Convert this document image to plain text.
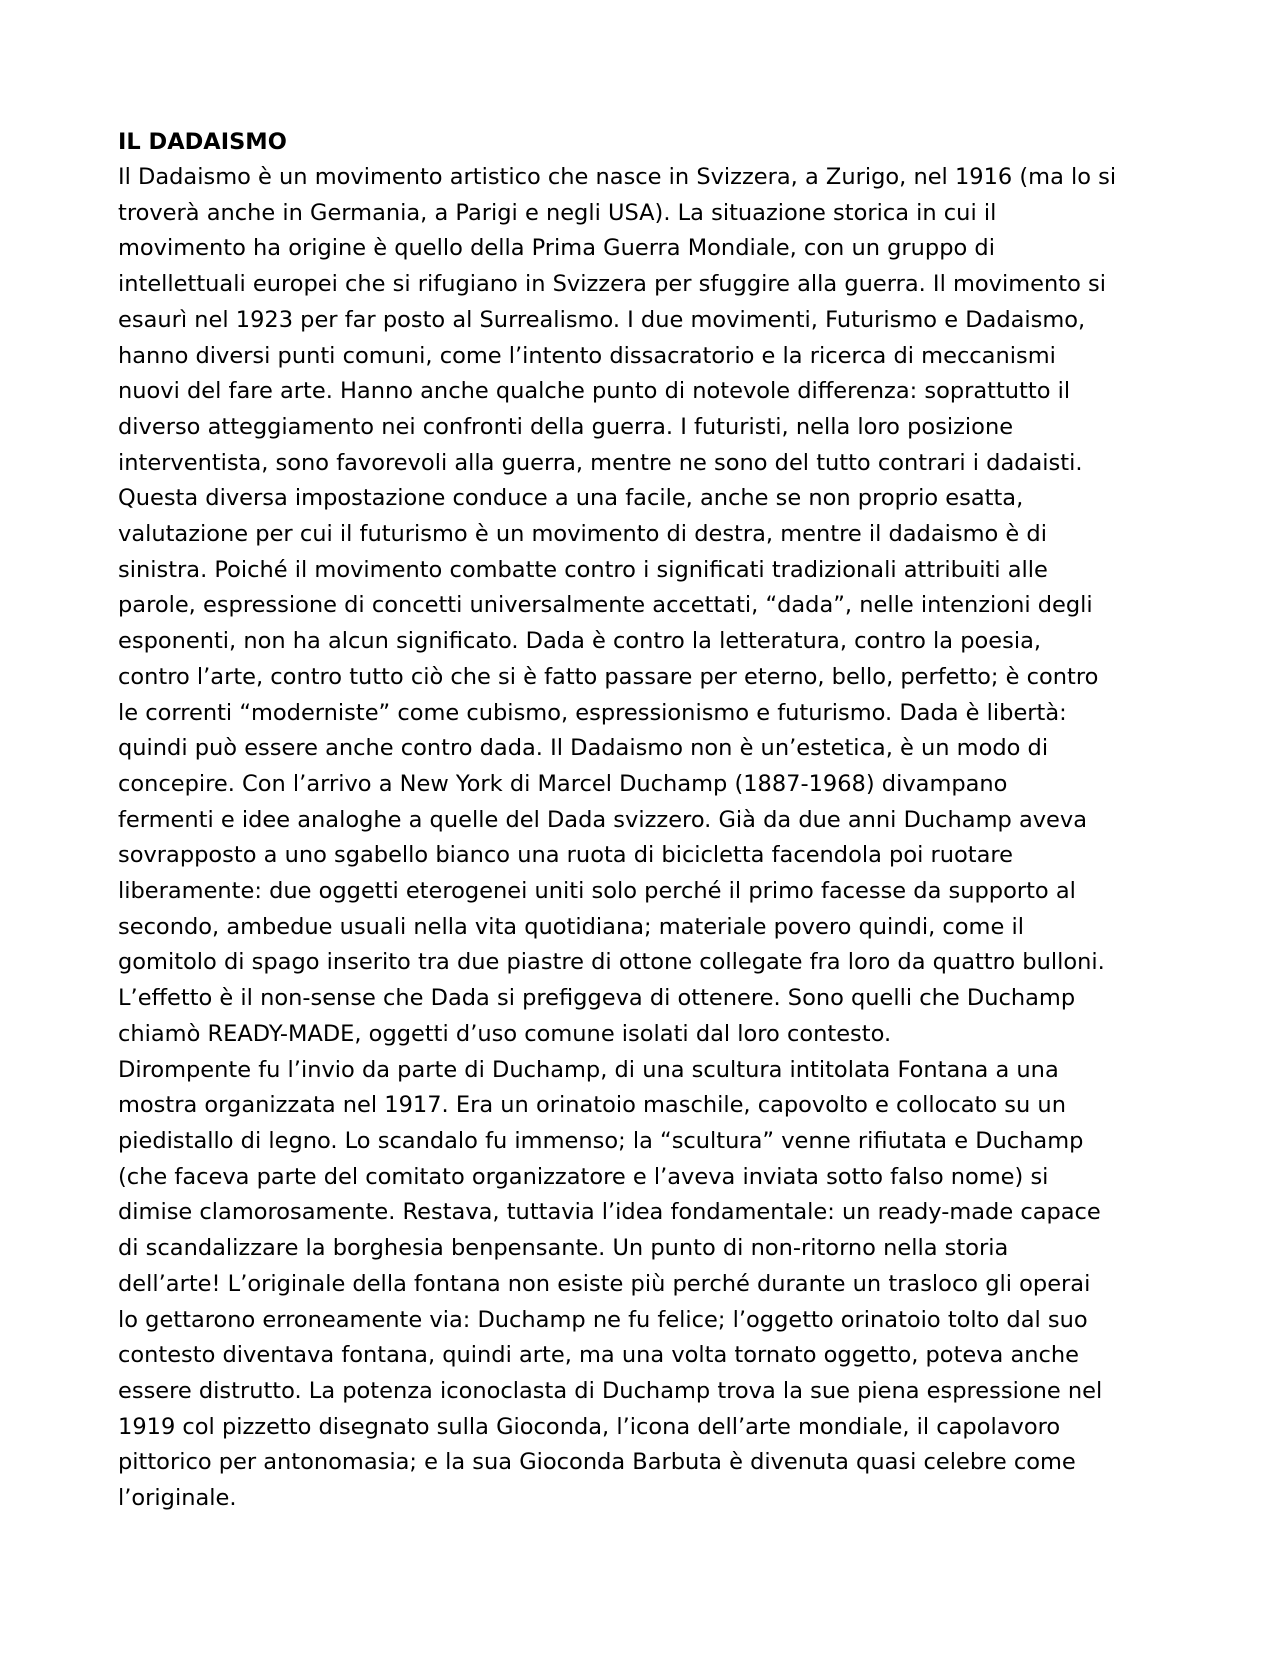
IL DADAISMO

Il Dadaismo è un movimento artistico che nasce in Svizzera, a Zurigo, nel 1916 (ma lo si

troverà anche in Germania, a Parigi e negli USA). La situazione storica in cui il

movimento ha origine è quello della Prima Guerra Mondiale, con un gruppo di

intellettuali europei che si rifugiano in Svizzera per sfuggire alla guerra. Il movimento si

esaurì nel 1923 per far posto al Surrealismo. I due movimenti, Futurismo e Dadaismo,

hanno diversi punti comuni, come l’intento dissacratorio e la ricerca di meccanismi

nuovi del fare arte. Hanno anche qualche punto di notevole differenza: soprattutto il

diverso atteggiamento nei confronti della guerra. I futuristi, nella loro posizione

interventista, sono favorevoli alla guerra, mentre ne sono del tutto contrari i dadaisti.

Questa diversa impostazione conduce a una facile, anche se non proprio esatta,

valutazione per cui il futurismo è un movimento di destra, mentre il dadaismo è di

sinistra. Poiché il movimento combatte contro i significati tradizionali attribuiti alle

parole, espressione di concetti universalmente accettati, “dada”, nelle intenzioni degli

esponenti, non ha alcun significato. Dada è contro la letteratura, contro la poesia,

contro l’arte, contro tutto ciò che si è fatto passare per eterno, bello, perfetto; è contro

le correnti “moderniste” come cubismo, espressionismo e futurismo. Dada è libertà:

quindi può essere anche contro dada. Il Dadaismo non è un’estetica, è un modo di

concepire. Con l’arrivo a New York di Marcel Duchamp (1887-1968) divampano

fermenti e idee analoghe a quelle del Dada svizzero. Già da due anni Duchamp aveva

sovrapposto a uno sgabello bianco una ruota di bicicletta facendola poi ruotare

liberamente: due oggetti eterogenei uniti solo perché il primo facesse da supporto al

secondo, ambedue usuali nella vita quotidiana; materiale povero quindi, come il

gomitolo di spago inserito tra due piastre di ottone collegate fra loro da quattro bulloni.

L’effetto è il non-sense che Dada si prefiggeva di ottenere. Sono quelli che Duchamp

chiamò READY-MADE, oggetti d’uso comune isolati dal loro contesto.

Dirompente fu l’invio da parte di Duchamp, di una scultura intitolata Fontana a una

mostra organizzata nel 1917. Era un orinatoio maschile, capovolto e collocato su un

piedistallo di legno. Lo scandalo fu immenso; la “scultura” venne rifiutata e Duchamp

(che faceva parte del comitato organizzatore e l’aveva inviata sotto falso nome) si

dimise clamorosamente. Restava, tuttavia l’idea fondamentale: un ready-made capace

di scandalizzare la borghesia benpensante. Un punto di non-ritorno nella storia

dell’arte! L’originale della fontana non esiste più perché durante un trasloco gli operai

lo gettarono erroneamente via: Duchamp ne fu felice; l’oggetto orinatoio tolto dal suo

contesto diventava fontana, quindi arte, ma una volta tornato oggetto, poteva anche

essere distrutto. La potenza iconoclasta di Duchamp trova la sue piena espressione nel

1919 col pizzetto disegnato sulla Gioconda, l’icona dell’arte mondiale, il capolavoro

pittorico per antonomasia; e la sua Gioconda Barbuta è divenuta quasi celebre come

l’originale.
